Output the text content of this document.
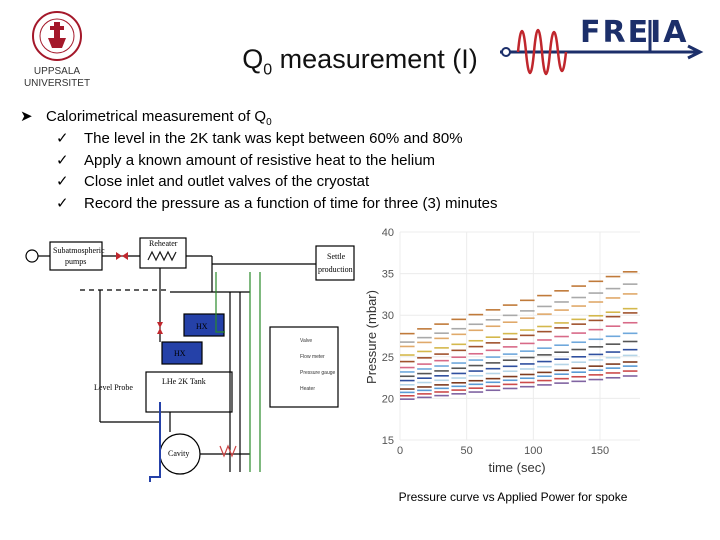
UPPSALA
UNIVERSITET
$Q_0$ measurement (I)
FREIA
➤ Calorimetrical measurement of $Q_0$
✓ The level in the 2K tank was kept between 60% and 80%
✓ Apply a known amount of resistive heat to the helium
✓ Close inlet and outlet valves of the cryostat
✓ Record the pressure as a function of time for three (3) minutes
Subatmospheric
pumps
Reheater
Settle
production
HX
HX
LHe 2K Tank
Level Probe
Cavity
Valve
Flow meter
Pressure gauge
Heater
0	50	100	150
15
20
25
30
35
40
time (sec)
Pressure (mbar)
Pressure curve vs Applied Power for spoke
